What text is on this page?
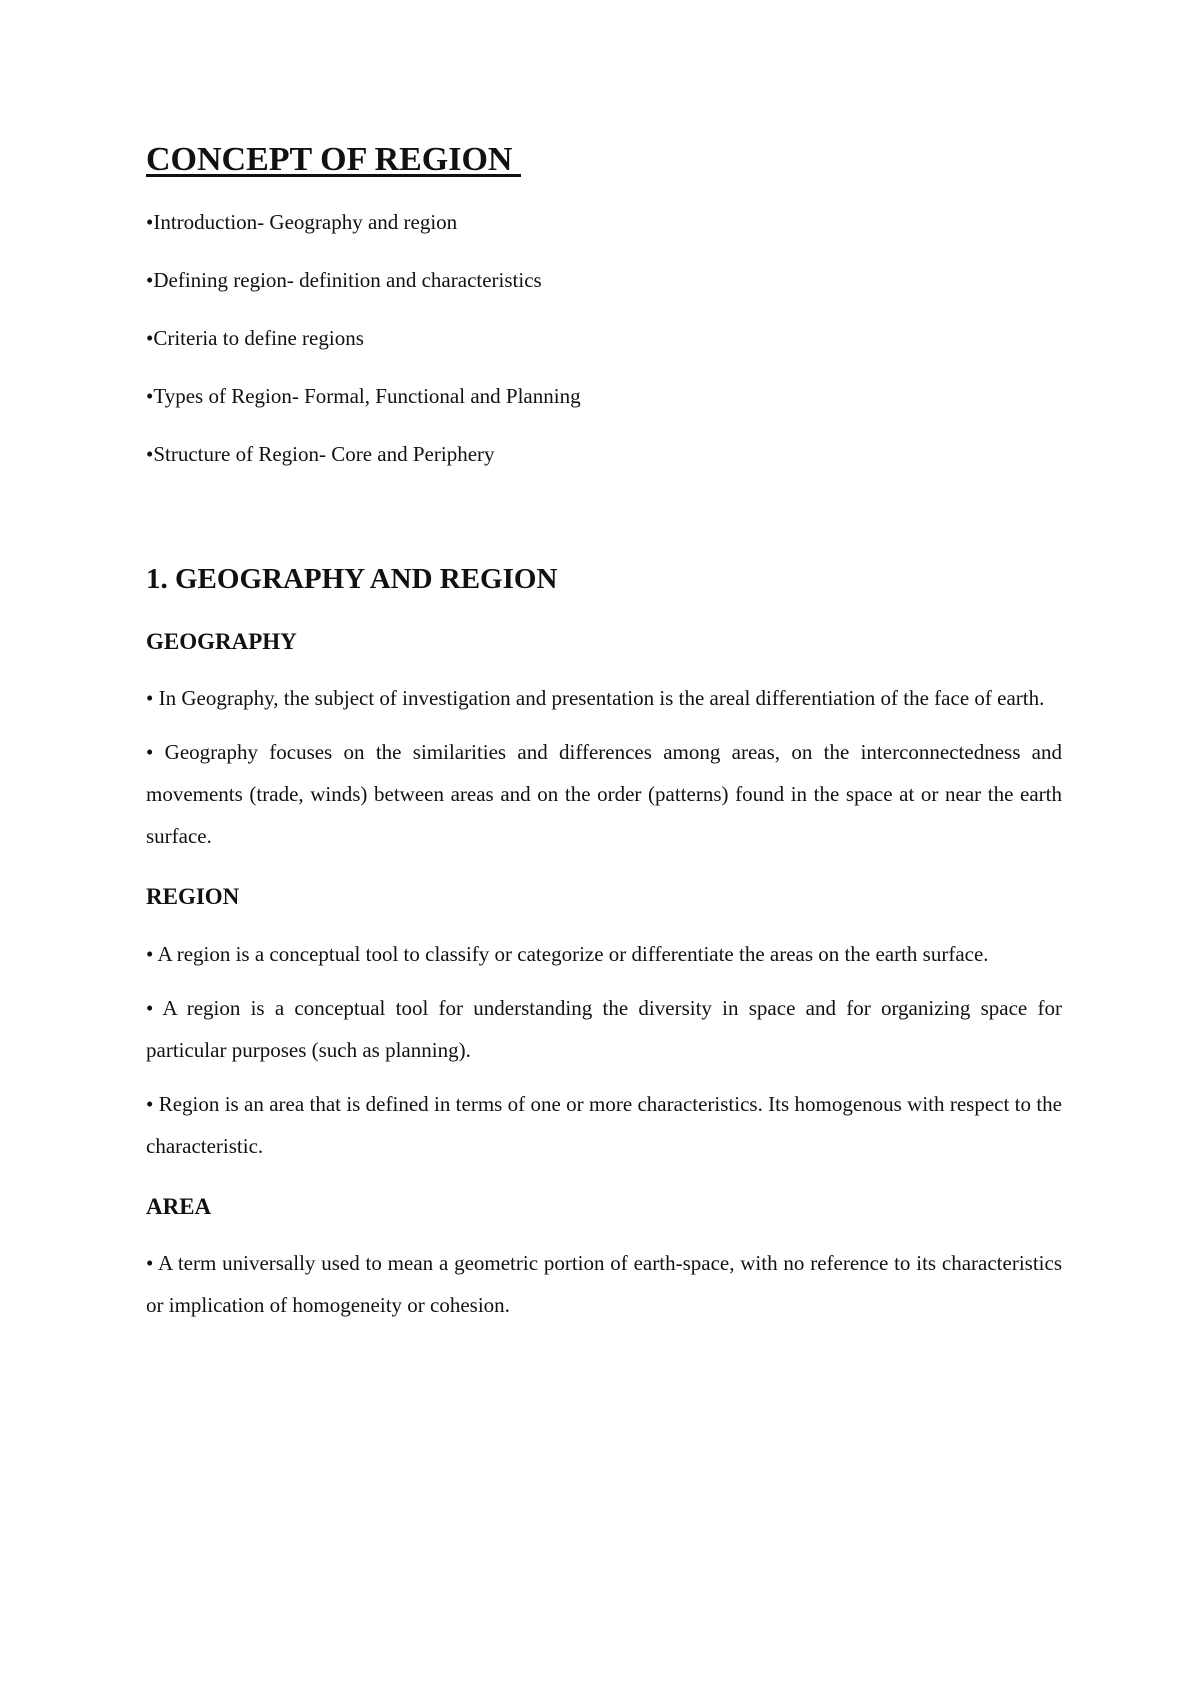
CONCEPT OF REGION
•Introduction- Geography and region
•Defining region- definition and characteristics
•Criteria to define regions
•Types of Region- Formal, Functional and Planning
•Structure of Region- Core and Periphery
1. GEOGRAPHY AND REGION
GEOGRAPHY

• In Geography, the subject of investigation and presentation is the areal differentiation of the face of earth.

• Geography focuses on the similarities and differences among areas, on the interconnectedness and movements (trade, winds) between areas and on the order (patterns) found in the space at or near the earth surface.

REGION

• A region is a conceptual tool to classify or categorize or differentiate the areas on the earth surface.

• A region is a conceptual tool for understanding the diversity in space and for organizing space for particular purposes (such as planning).

• Region is an area that is defined in terms of one or more characteristics. Its homogenous with respect to the characteristic.

AREA

• A term universally used to mean a geometric portion of earth-space, with no reference to its characteristics or implication of homogeneity or cohesion.
